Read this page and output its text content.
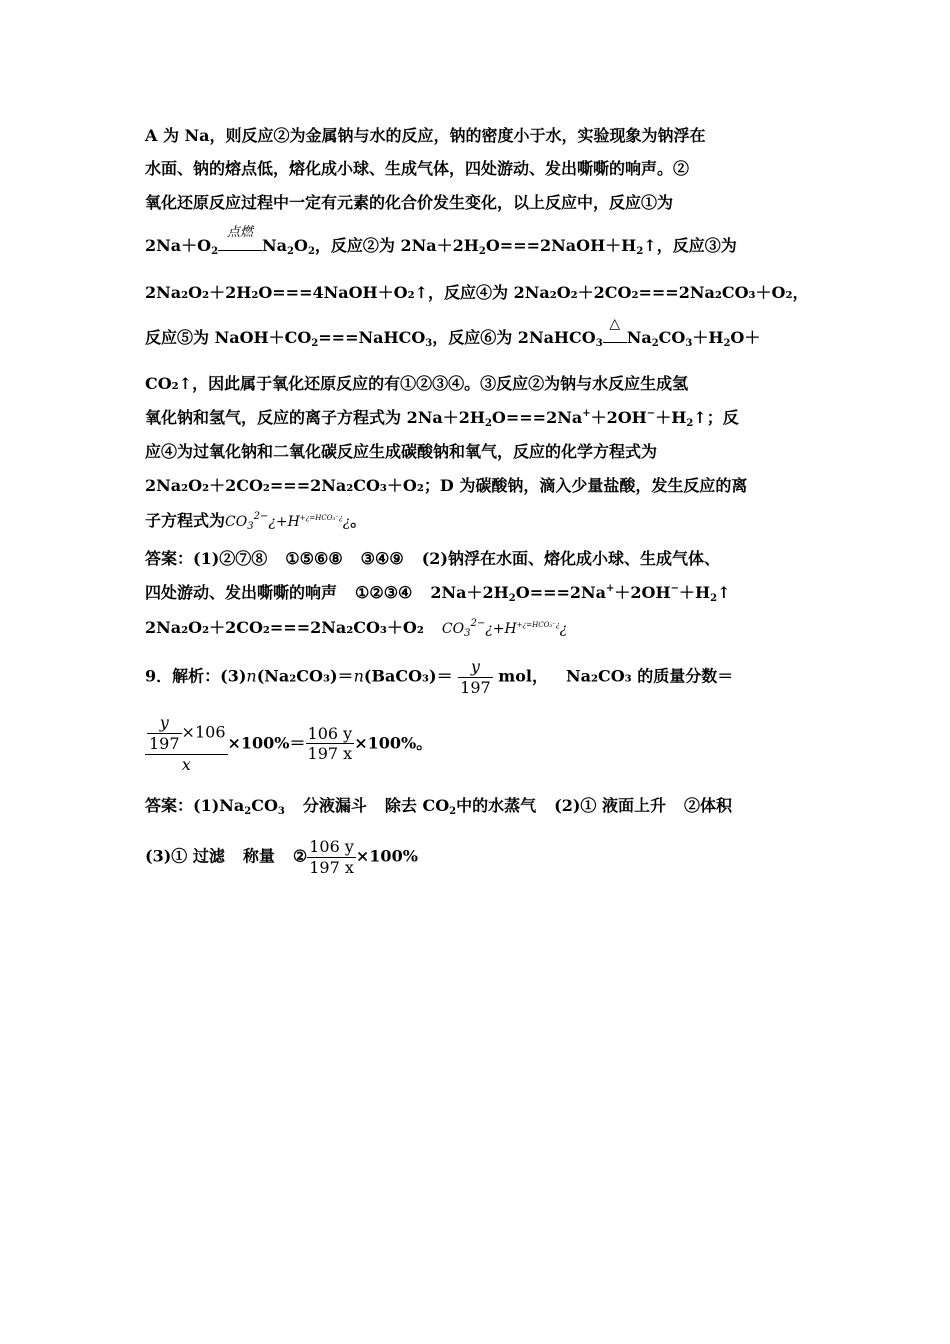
A 为 Na，则反应②为金属钠与水的反应，钠的密度小于水，实验现象为钠浮在
水面、钠的熔点低，熔化成小球、生成气体，四处游动、发出嘶嘶的响声。②
氧化还原反应过程中一定有元素的化合价发生变化，以上反应中，反应①为
$2Na+O_2$
点燃
$Na_2O_2$，反应②为 $2Na+2H_2O===2NaOH+H_2↑$，反应③为
2Na₂O₂＋2H₂O===4NaOH＋O₂↑，反应④为 2Na₂O₂＋2CO₂===2Na₂CO₃＋O₂，
反应⑤为 $NaOH+CO_2===NaHCO_3$，反应⑥为 2NaHCO$_3$
△
$Na_2CO_3+H_2O+$
CO₂↑，因此属于氧化还原反应的有①②③④。③反应②为钠与水反应生成氢
氧化钠和氢气，反应的离子方程式为 $2Na+2H_2O===2Na^++2OH^-+H_2↑$；反
应④为过氧化钠和二氧化碳反应生成碳酸钠和氧气，反应的化学方程式为
2Na₂O₂＋2CO₂===2Na₂CO₃＋O₂；D 为碳酸钠，滴入少量盐酸，发生反应的离
子方程式为$CO_3^{2-}¿+H^{+¿=HCO_3^-¿}¿$。
答案：(1)②⑦⑧ ①⑤⑥⑧ ③④⑨ (2)钠浮在水面、熔化成小球、生成气体、
四处游动、发出嘶嘶的响声 ①②③④ $2Na+2H_2O===2Na^++2OH^-+H_2↑$
2Na₂O₂＋2CO₂===2Na₂CO₃＋O₂ $CO_3^{2-}¿+H^{+¿=HCO_3^-¿}¿$
9．解析：(3)n(Na₂CO₃)＝n(BaCO₃)＝ $\frac{y}{197}$ mol， Na₂CO₃ 的质量分数＝
$\frac{\frac{y}{197} \times 106}{x} \times 100\%= \frac{106 y}{197 x} \times 100\%$。
答案：$(1)Na_2CO_3$ 分液漏斗 除去 $CO_2$中的水蒸气 (2)① 液面上升 ②体积
(3)① 过滤 称量 ② $\frac{106 y}{197 x} \times 100\%$
